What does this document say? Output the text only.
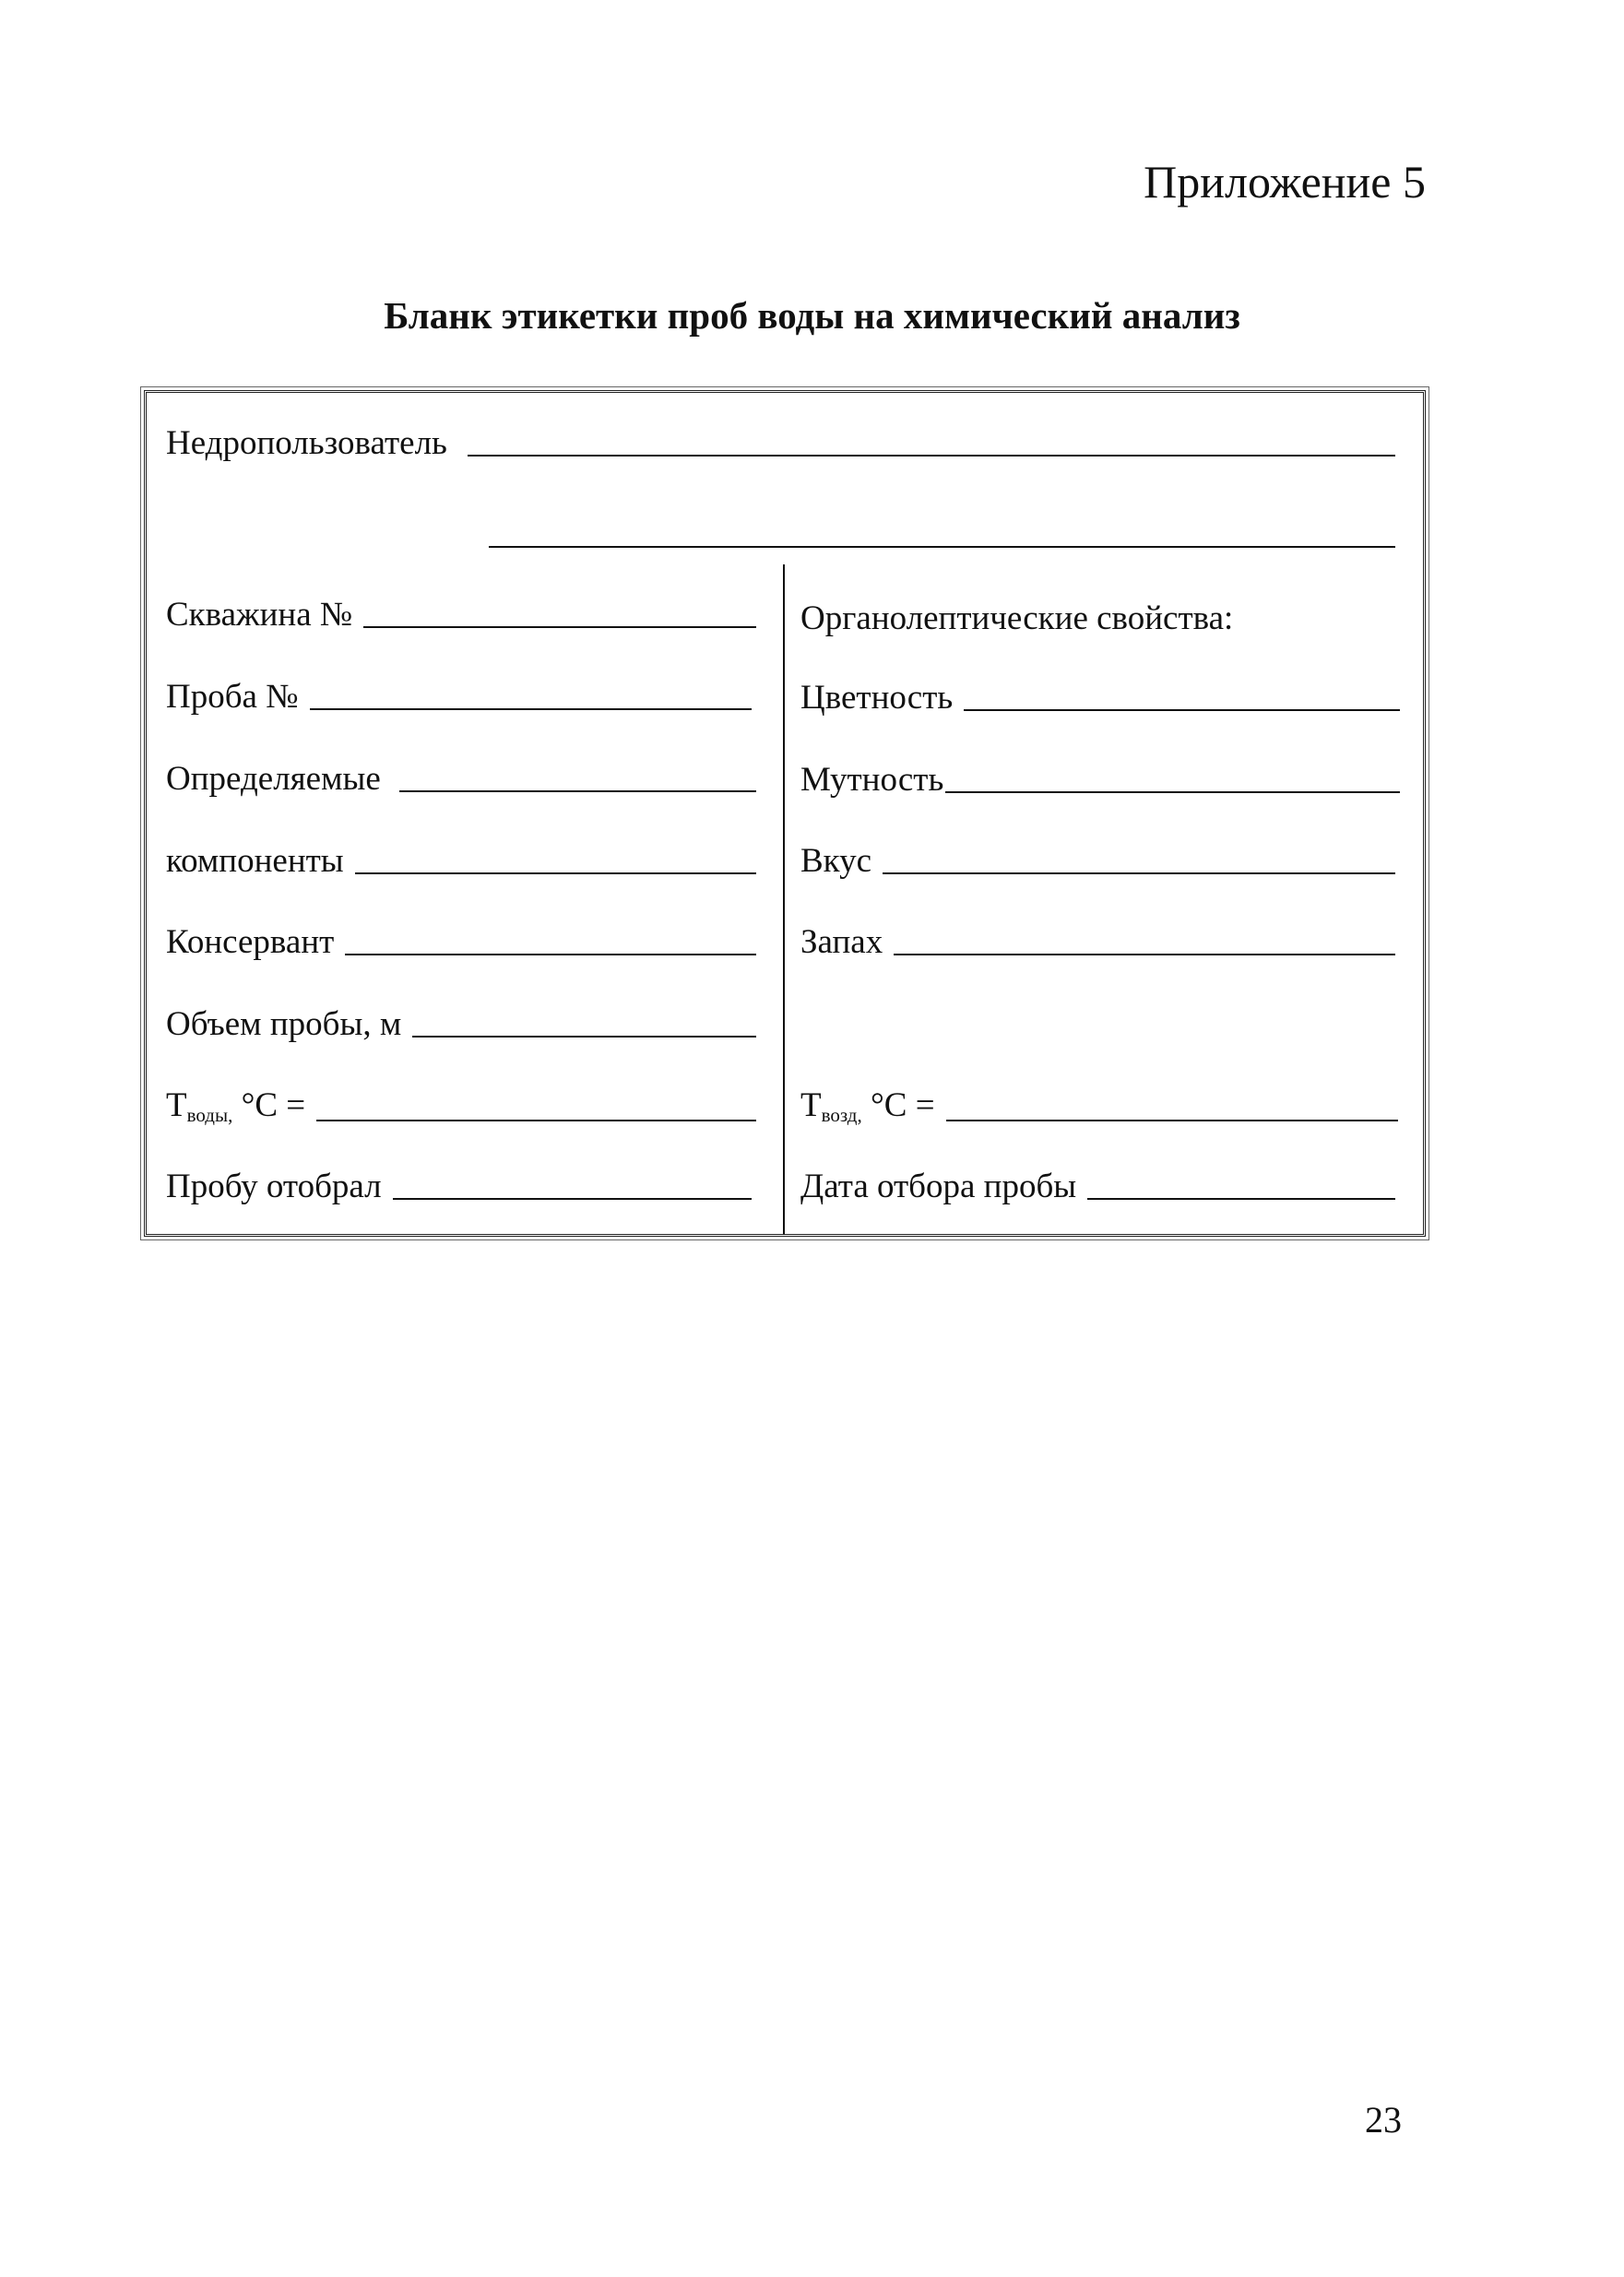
Приложение 5
Бланк этикетки проб воды на химический анализ
Недропользователь
Скважина №
Проба №
Определяемые
компоненты
Консервант
Объем пробы, м
$T_{воды,}$ °C =
Пробу отобрал
Органолептические свойства:
Цветность
Мутность
Вкус
Запах
$T_{возд,}$ °C =
Дата отбора пробы
23
